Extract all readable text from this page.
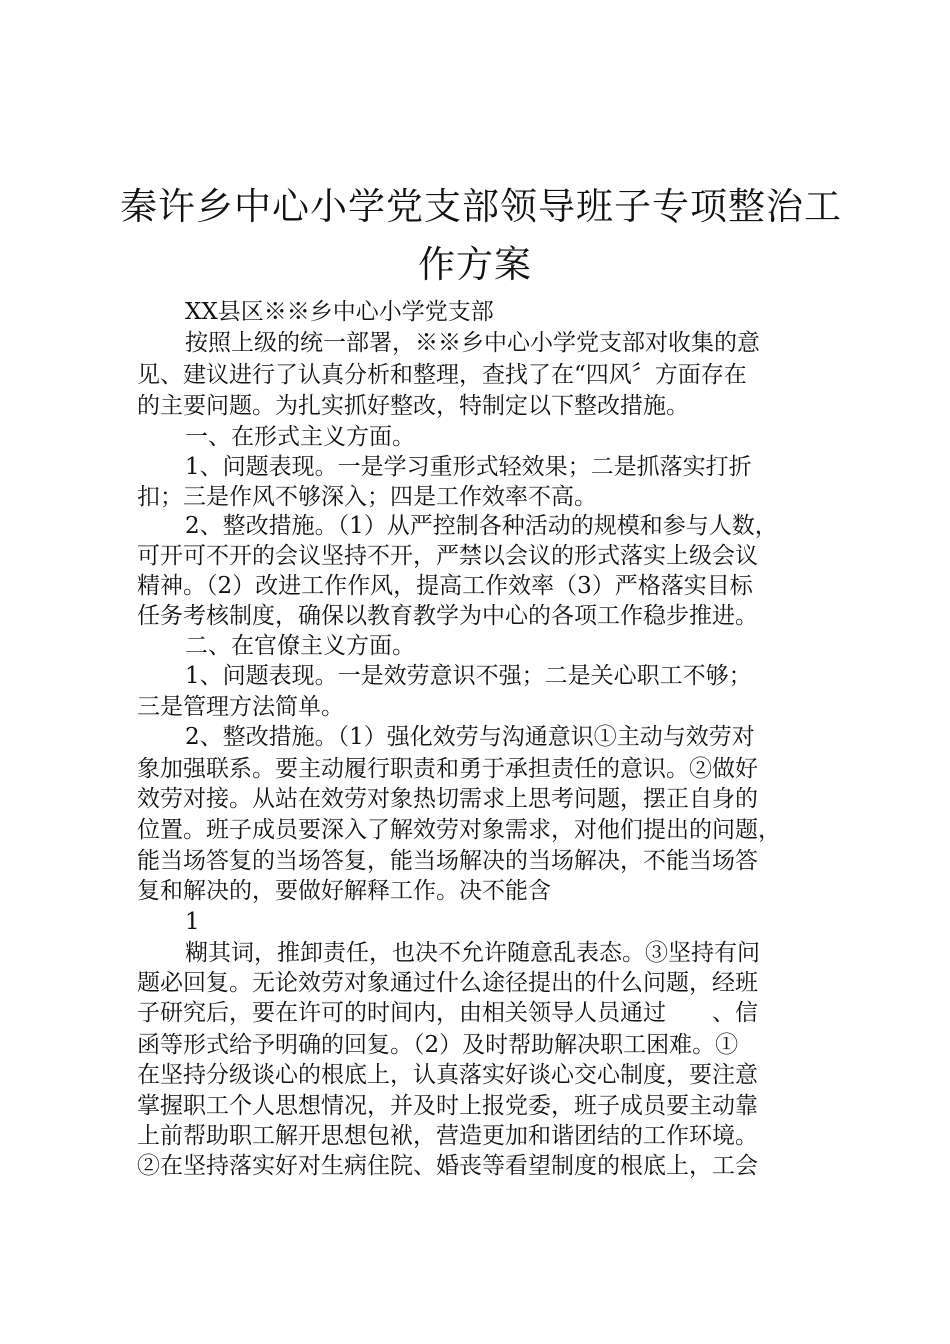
秦许乡中心小学党支部领导班子专项整治工
作方案
XX县区※※乡中心小学党支部
按照上级的统一部署，※※乡中心小学党支部对收集的意
见、建议进行了认真分析和整理，查找了在“四风〞方面存在
的主要问题。为扎实抓好整改，特制定以下整改措施。
一、在形式主义方面。
1、问题表现。一是学习重形式轻效果；二是抓落实打折
扣；三是作风不够深入；四是工作效率不高。
2、整改措施。（1）从严控制各种活动的规模和参与人数，
可开可不开的会议坚持不开，严禁以会议的形式落实上级会议
精神。（2）改进工作作风，提高工作效率（3）严格落实目标
任务考核制度，确保以教育教学为中心的各项工作稳步推进。
二、在官僚主义方面。
1、问题表现。一是效劳意识不强；二是关心职工不够；
三是管理方法简单。
2、整改措施。（1）强化效劳与沟通意识①主动与效劳对
象加强联系。要主动履行职责和勇于承担责任的意识。②做好
效劳对接。从站在效劳对象热切需求上思考问题，摆正自身的
位置。班子成员要深入了解效劳对象需求，对他们提出的问题，
能当场答复的当场答复，能当场解决的当场解决，不能当场答
复和解决的，要做好解释工作。决不能含
1
糊其词，推卸责任，也决不允许随意乱表态。③坚持有问
题必回复。无论效劳对象通过什么途径提出的什么问题，经班
子研究后，要在许可的时间内，由相关领导人员通过　　、信
函等形式给予明确的回复。（2）及时帮助解决职工困难。①
在坚持分级谈心的根底上，认真落实好谈心交心制度，要注意
掌握职工个人思想情况，并及时上报党委，班子成员要主动靠
上前帮助职工解开思想包袱，营造更加和谐团结的工作环境。
②在坚持落实好对生病住院、婚丧等看望制度的根底上，工会
